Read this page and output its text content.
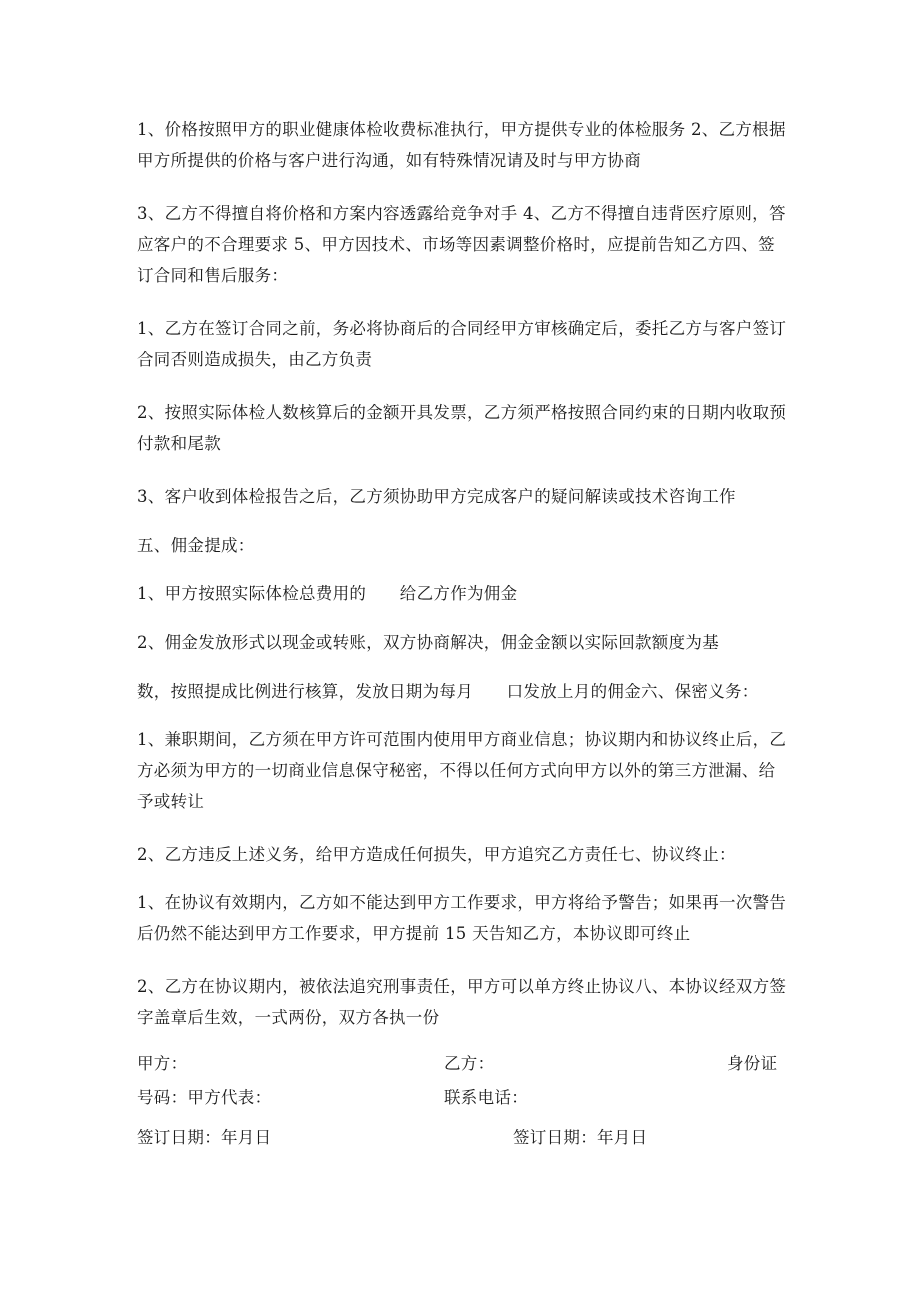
1、价格按照甲方的职业健康体检收费标准执行，甲方提供专业的体检服务 2、乙方根据甲方所提供的价格与客户进行沟通，如有特殊情况请及时与甲方协商

3、乙方不得擅自将价格和方案内容透露给竞争对手 4、乙方不得擅自违背医疗原则，答应客户的不合理要求 5、甲方因技术、市场等因素调整价格时，应提前告知乙方四、签订合同和售后服务：

1、乙方在签订合同之前，务必将协商后的合同经甲方审核确定后，委托乙方与客户签订合同否则造成损失，由乙方负责

2、按照实际体检人数核算后的金额开具发票，乙方须严格按照合同约束的日期内收取预付款和尾款

3、客户收到体检报告之后，乙方须协助甲方完成客户的疑问解读或技术咨询工作

五、佣金提成：

1、甲方按照实际体检总费用的　　给乙方作为佣金

2、佣金发放形式以现金或转账，双方协商解决，佣金金额以实际回款额度为基

数，按照提成比例进行核算，发放日期为每月　　口发放上月的佣金六、保密义务：

1、兼职期间，乙方须在甲方许可范围内使用甲方商业信息；协议期内和协议终止后，乙方必须为甲方的一切商业信息保守秘密，不得以任何方式向甲方以外的第三方泄漏、给予或转让

2、乙方违反上述义务，给甲方造成任何损失，甲方追究乙方责任七、协议终止：

1、在协议有效期内，乙方如不能达到甲方工作要求，甲方将给予警告；如果再一次警告后仍然不能达到甲方工作要求，甲方提前 15 天告知乙方，本协议即可终止

2、乙方在协议期内，被依法追究刑事责任，甲方可以单方终止协议八、本协议经双方签字盖章后生效，一式两份，双方各执一份

甲方：	乙方：	身份证
号码：甲方代表：	联系电话：
签订日期：年月日	签订日期：年月日
